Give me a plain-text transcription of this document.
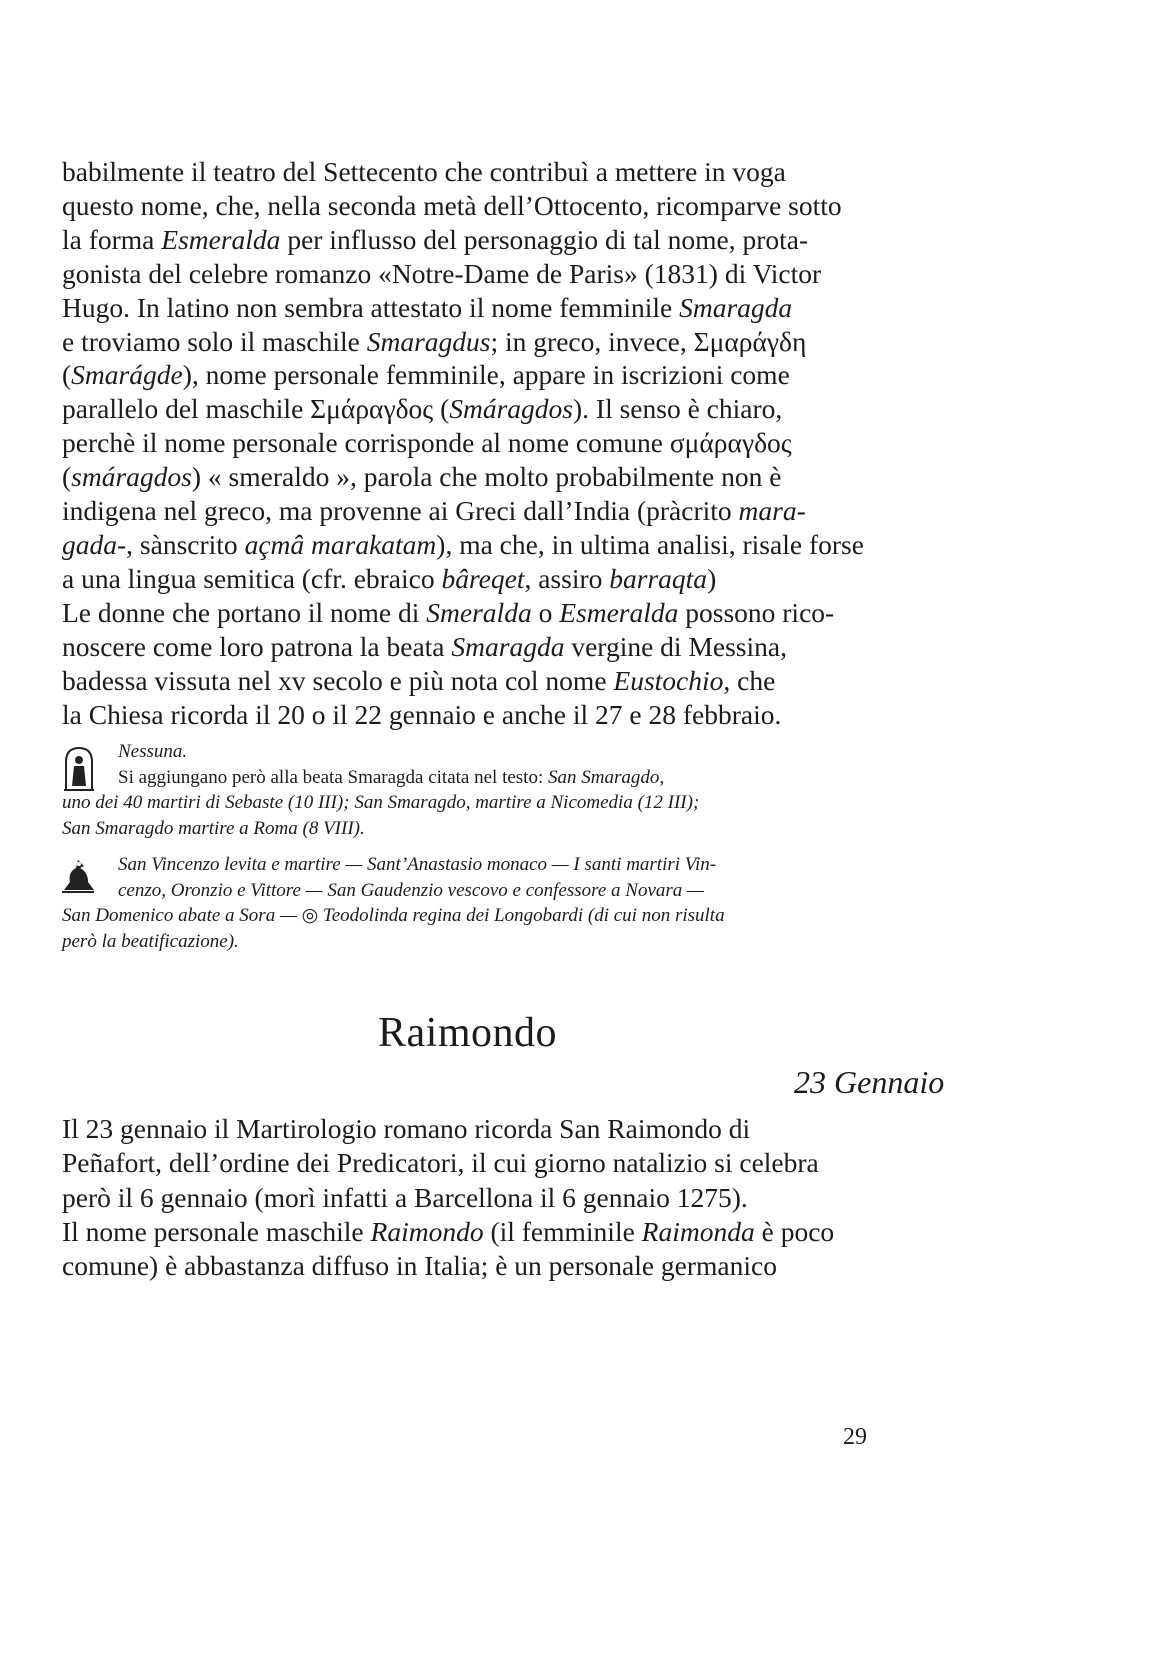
babilmente il teatro del Settecento che contribuì a mettere in voga
questo nome, che, nella seconda metà dell’Ottocento, ricomparve sotto
la forma Esmeralda per influsso del personaggio di tal nome, prota-
gonista del celebre romanzo «Notre-Dame de Paris» (1831) di Victor
Hugo. In latino non sembra attestato il nome femminile Smaragda
e troviamo solo il maschile Smaragdus; in greco, invece, Σμαράγδη
(Smarágde), nome personale femminile, appare in iscrizioni come
parallelo del maschile Σμάραγδος (Smáragdos). Il senso è chiaro,
perchè il nome personale corrisponde al nome comune σμάραγδος
(smáragdos) « smeraldo », parola che molto probabilmente non è
indigena nel greco, ma provenne ai Greci dall’India (pràcrito mara-
gada-, sànscrito açmâ marakatam), ma che, in ultima analisi, risale forse
a una lingua semitica (cfr. ebraico bâreqet, assiro barraqta)
Le donne che portano il nome di Smeralda o Esmeralda possono rico-
noscere come loro patrona la beata Smaragda vergine di Messina,
badessa vissuta nel xv secolo e più nota col nome Eustochio, che
la Chiesa ricorda il 20 o il 22 gennaio e anche il 27 e 28 febbraio.
Nessuna.
Si aggiungano però alla beata Smaragda citata nel testo: San Smaragdo,
uno dei 40 martiri di Sebaste (10 III); San Smaragdo, martire a Nicomedia (12 III);
San Smaragdo martire a Roma (8 VIII).
San Vincenzo levita e martire — Sant’Anastasio monaco — I santi martiri Vin-
cenzo, Oronzio e Vittore — San Gaudenzio vescovo e confessore a Novara —
San Domenico abate a Sora — ◎ Teodolinda regina dei Longobardi (di cui non risulta
però la beatificazione).
Raimondo
23 Gennaio
Il 23 gennaio il Martirologio romano ricorda San Raimondo di
Peñafort, dell’ordine dei Predicatori, il cui giorno natalizio si celebra
però il 6 gennaio (morì infatti a Barcellona il 6 gennaio 1275).
Il nome personale maschile Raimondo (il femminile Raimonda è poco
comune) è abbastanza diffuso in Italia; è un personale germanico
29
